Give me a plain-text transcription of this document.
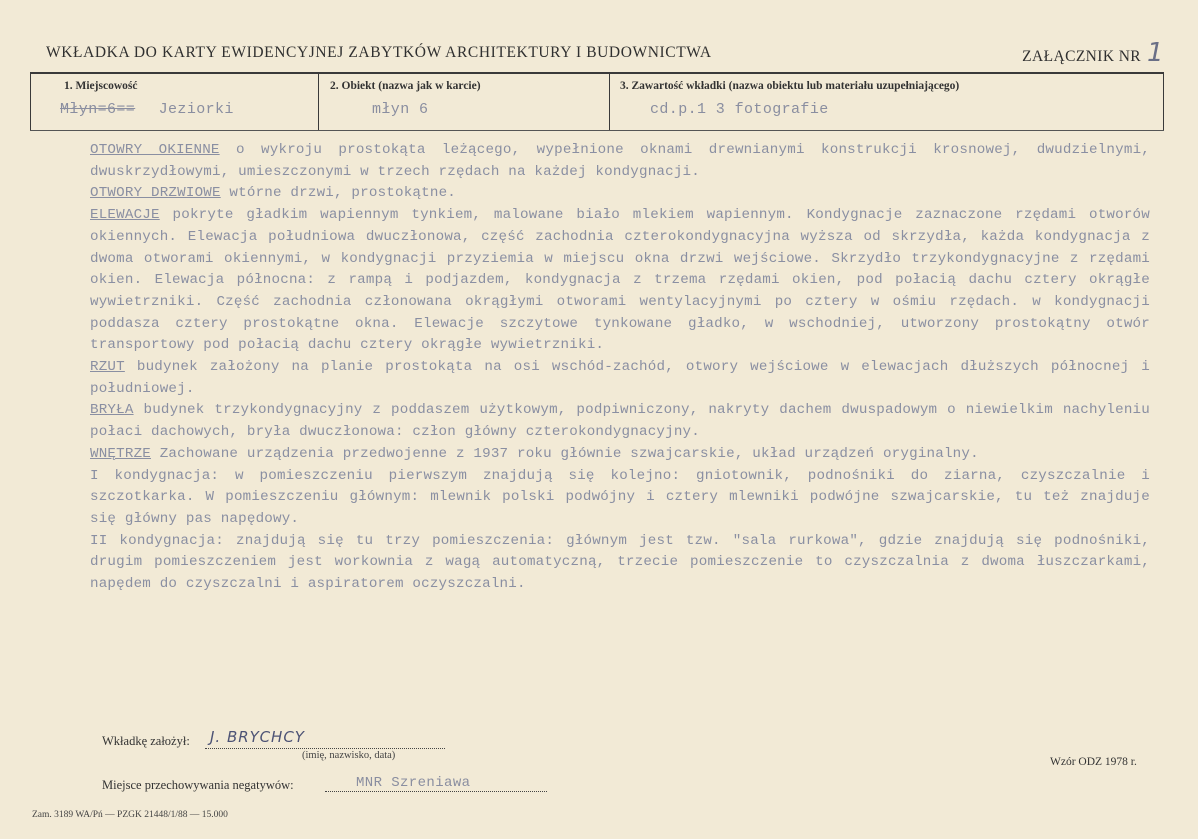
WKŁADKA DO KARTY EWIDENCYJNEJ ZABYTKÓW ARCHITEKTURY I BUDOWNICTWA	ZAŁĄCZNIK NR 1
1. Miejscowość
Młyn=6== Jeziorki
2. Obiekt (nazwa jak w karcie)
młyn 6
3. Zawartość wkładki (nazwa obiektu lub materiału uzupełniającego)
cd.p.1 3 fotografie

OTOWRY OKIENNE o wykroju prostokąta leżącego, wypełnione oknami drewnianymi konstrukcji krosnowej, dwudzielnymi, dwuskrzydłowymi, umieszczonymi w trzech rzędach na każdej kondygnacji.

OTWORY DRZWIOWE wtórne drzwi, prostokątne.

ELEWACJE pokryte gładkim wapiennym tynkiem, malowane biało mlekiem wapiennym. Kondygnacje zaznaczone rzędami otworów okiennych. Elewacja południowa dwuczłonowa, część zachodnia czterokondygnacyjna wyższa od skrzydła, każda kondygnacja z dwoma otworami okiennymi, w kondygnacji przyziemia w miejscu okna drzwi wejściowe. Skrzydło trzykondygnacyjne z rzędami okien. Elewacja północna: z rampą i podjazdem, kondygnacja z trzema rzędami okien, pod połacią dachu cztery okrągłe wywietrzniki. Część zachodnia członowana okrągłymi otworami wentylacyjnymi po cztery w ośmiu rzędach. w kondygnacji poddasza cztery prostokątne okna. Elewacje szczytowe tynkowane gładko, w wschodniej, utworzony prostokątny otwór transportowy pod połacią dachu cztery okrągłe wywietrzniki.

RZUT budynek założony na planie prostokąta na osi wschód-zachód, otwory wejściowe w elewacjach dłuższych północnej i południowej.

BRYŁA budynek trzykondygnacyjny z poddaszem użytkowym, podpiwniczony, nakryty dachem dwuspadowym o niewielkim nachyleniu połaci dachowych, bryła dwuczłonowa: człon główny czterokondygnacyjny.

WNĘTRZE Zachowane urządzenia przedwojenne z 1937 roku głównie szwajcarskie, układ urządzeń oryginalny.

I kondygnacja: w pomieszczeniu pierwszym znajdują się kolejno: gniotownik, podnośniki do ziarna, czyszczalnie i szczotkarka. W pomieszczeniu głównym: mlewnik polski podwójny i cztery mlewniki podwójne szwajcarskie, tu też znajduje się główny pas napędowy.

II kondygnacja: znajdują się tu trzy pomieszczenia: głównym jest tzw. "sala rurkowa", gdzie znajdują się podnośniki, drugim pomieszczeniem jest workownia z wagą automatyczną, trzecie pomieszczenie to czyszczalnia z dwoma łuszczarkami, napędem do czyszczalni i aspiratorem oczyszczalni.

Wkładkę założył: J. BRYCHCY
(imię, nazwisko, data)
Miejsce przechowywania negatywów:	MNR Szreniawa
Wzór ODZ 1978 r.
Zam. 3189 WA/Pń — PZGK 21448/1/88 — 15.000
